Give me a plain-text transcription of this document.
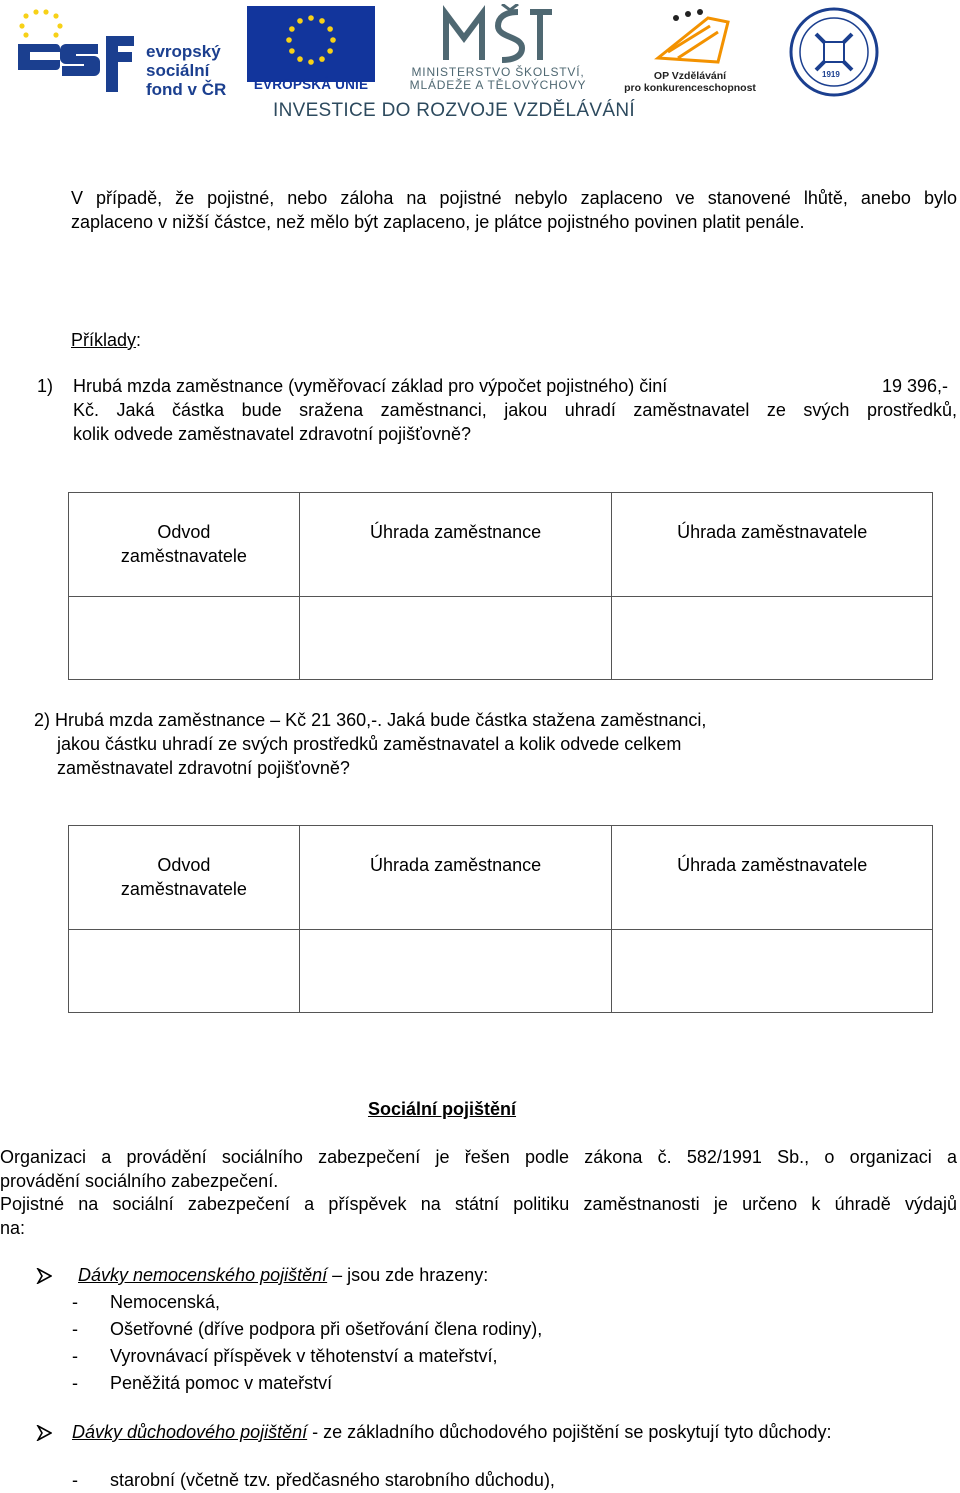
evropský
sociální
fond v ČR	EVROPSKÁ UNIE
MINISTERSTVO ŠKOLSTVÍ,
MLÁDEŽE A TĚLOVÝCHOVY
OP Vzdělávání
pro konkurenceschopnost
1919
INVESTICE DO ROZVOJE VZDĚLÁVÁNÍ
V případě, že pojistné, nebo záloha na pojistné nebylo zaplaceno ve stanovené lhůtě, anebo bylo
zaplaceno v nižší částce, než mělo být zaplaceno, je plátce pojistného povinen platit penále.
Příklady:
1) Hrubá mzda zaměstnance (vyměřovací základ pro výpočet pojistného) činí	19 396,-
Kč. Jaká částka bude sražena zaměstnanci, jakou uhradí zaměstnavatel ze svých prostředků,
kolik odvede zaměstnavatel zdravotní pojišťovně?
Odvod zaměstnavatele	Úhrada zaměstnance	Úhrada zaměstnavatele

2) Hrubá mzda zaměstnance – Kč 21 360,-. Jaká bude částka stažena zaměstnanci,
jakou částku uhradí ze svých prostředků zaměstnavatel a kolik odvede celkem
zaměstnavatel zdravotní pojišťovně?
Odvod zaměstnavatele	Úhrada zaměstnance	Úhrada zaměstnavatele

Sociální pojištění
Organizaci a provádění sociálního zabezpečení je řešen podle zákona č. 582/1991 Sb., o organizaci a
provádění sociálního zabezpečení.
Pojistné na sociální zabezpečení a příspěvek na státní politiku zaměstnanosti je určeno k úhradě výdajů
na:
Dávky nemocenského pojištění – jsou zde hrazeny:
- Nemocenská,
- Ošetřovné (dříve podpora při ošetřování člena rodiny),
- Vyrovnávací příspěvek v těhotenství a mateřství,
- Peněžitá pomoc v mateřství
Dávky důchodového pojištění - ze základního důchodového pojištění se poskytují tyto důchody:
- starobní (včetně tzv. předčasného starobního důchodu),
